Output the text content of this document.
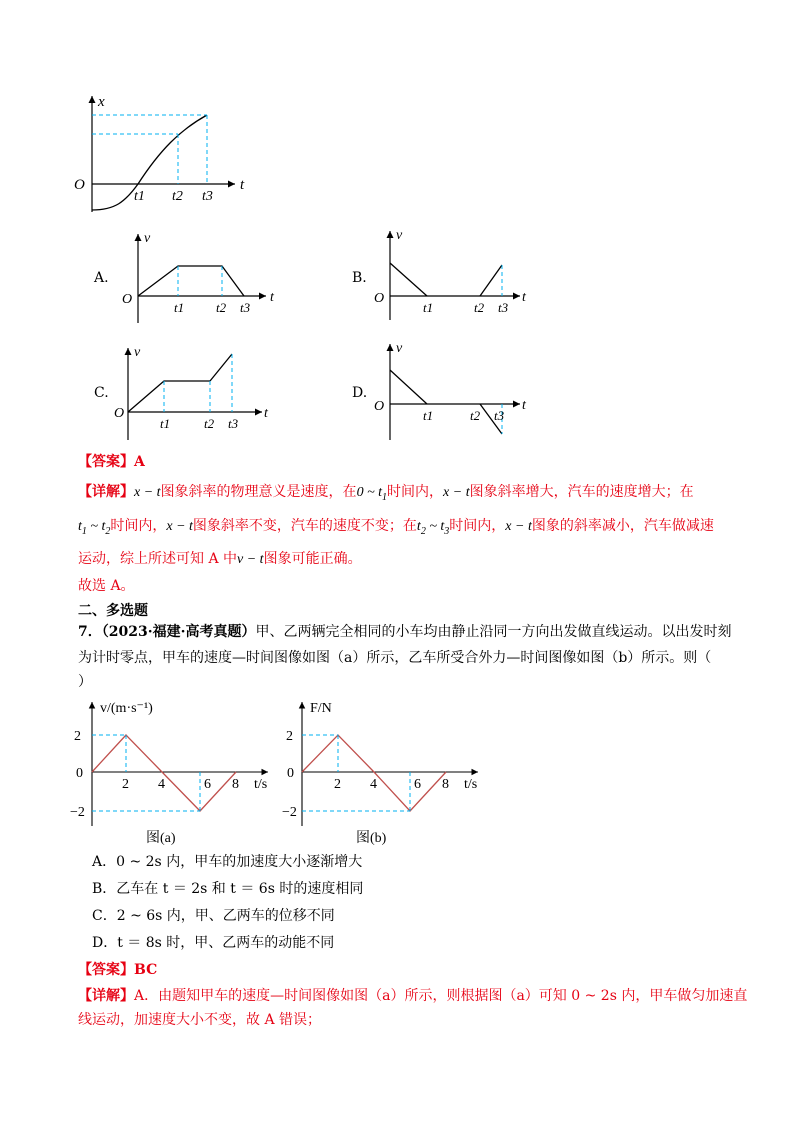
x
t
O
t1 t2 t3
A.
v
t
O
t1 t2 t3
B.
v
t
O
t1	t2 t3
C.
v
t
O
t1	t2 t3
D.
v
t
O
t1	t2 t3
【答案】A
【详解】x − t图象斜率的物理意义是速度，在0 ~ $t_1$时间内，x − t图象斜率增大，汽车的速度增大；在
$t_1$ ~ $t_2$时间内，x − t图象斜率不变，汽车的速度不变；在$t_2$ ~ $t_3$时间内，x − t图象的斜率减小，汽车做减速
运动，综上所述可知 A 中v − t图象可能正确。
故选 A。
二、多选题
7．（2023·福建·高考真题）甲、乙两辆完全相同的小车均由静止沿同一方向出发做直线运动。以出发时刻
为计时零点，甲车的速度—时间图像如图（a）所示，乙车所受合外力—时间图像如图（b）所示。则（
）
v/(m·s⁻¹)
t/s
2
0
−2
2 4	6 8
图(a)
F/N
t/s
2
0
−2
2 4	6 8
图(b)
A．0 ~ 2s 内，甲车的加速度大小逐渐增大
B．乙车在 t ＝ 2s 和 t ＝ 6s 时的速度相同
C．2 ~ 6s 内，甲、乙两车的位移不同
D．t ＝ 8s 时，甲、乙两车的动能不同
【答案】BC
【详解】A．由题知甲车的速度—时间图像如图（a）所示，则根据图（a）可知 0 ~ 2s 内，甲车做匀加速直
线运动，加速度大小不变，故 A 错误；
